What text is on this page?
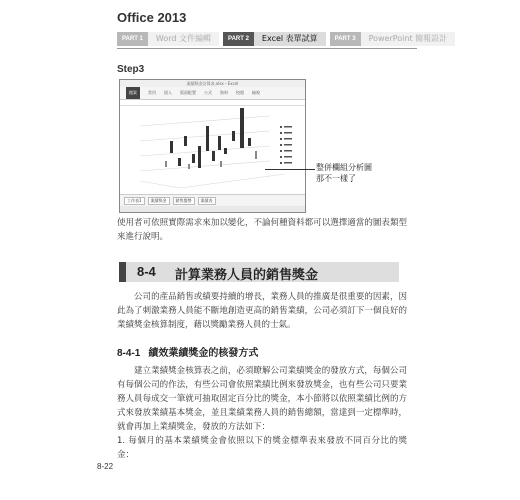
Office 2013
PART 1	Word 文件編輯	PART 2	Excel 表單試算	PART 3	PowerPoint 簡報設計
Step3
業績獎金計算表.xlsx - Excel
檔案	常用 插入 版面配置 公式 資料 校閱 檢視
工作表1	業績獎金	銷售趨勢	業績表
整併欄組分析圖
那不一樣了
使用者可依照實際需求來加以變化，不論何種資料都可以選擇適當的圖表類型來進行說明。
8-4 計算業務人員的銷售獎金
公司的產品銷售或績要持續的增長，業務人員的推廣是很重要的因素，因此為了刺激業務人員能不斷地創造更高的銷售業績，公司必須訂下一個良好的業績獎金核算制度，藉以獎勵業務人員的士氣。
8-4-1 績效業績獎金的核發方式
建立業績獎金核算表之前，必須瞭解公司業績獎金的發放方式，每個公司有每個公司的作法，有些公司會依照業績比例來發放獎金，也有些公司只要業務人員每成交一筆就可抽取固定百分比的獎金，本小節將以依照業績比例的方式來發放業績基本獎金，並且業績業務人員的銷售總額，當達到一定標準時，就會再加上業績獎金，發放的方法如下：
1. 每個月的基本業績獎金會依照以下的獎金標準表來發放不同百分比的獎金：
8-22
